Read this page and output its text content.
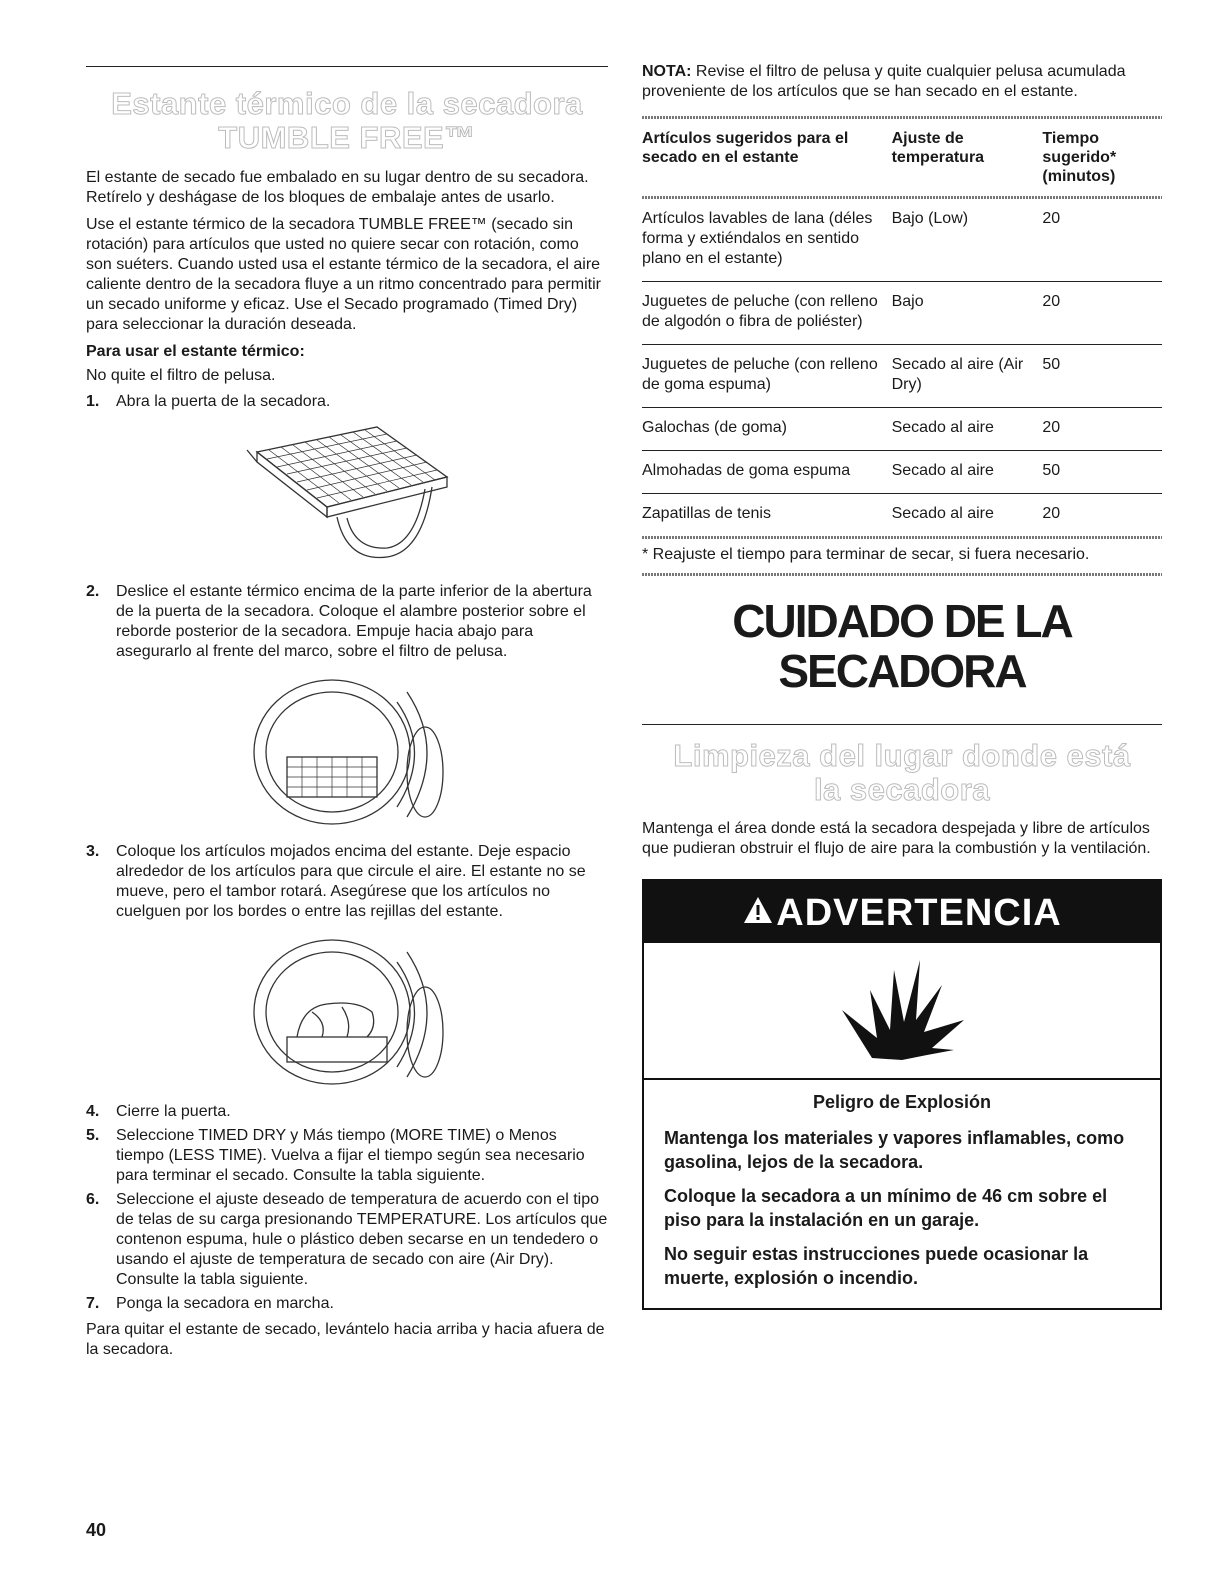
Estante térmico de la secadora
TUMBLE FREE™

El estante de secado fue embalado en su lugar dentro de su secadora. Retírelo y deshágase de los bloques de embalaje antes de usarlo.

Use el estante térmico de la secadora TUMBLE FREE™ (secado sin rotación) para artículos que usted no quiere secar con rotación, como son suéters. Cuando usted usa el estante térmico de la secadora, el aire caliente dentro de la secadora fluye a un ritmo concentrado para permitir un secado uniforme y eficaz. Use el Secado programado (Timed Dry) para seleccionar la duración deseada.

Para usar el estante térmico:

No quite el filtro de pelusa.

1. Abra la puerta de la secadora.
2. Deslice el estante térmico encima de la parte inferior de la abertura de la puerta de la secadora. Coloque el alambre posterior sobre el reborde posterior de la secadora. Empuje hacia abajo para asegurarlo al frente del marco, sobre el filtro de pelusa.
3. Coloque los artículos mojados encima del estante. Deje espacio alrededor de los artículos para que circule el aire. El estante no se mueve, pero el tambor rotará. Asegúrese que los artículos no cuelguen por los bordes o entre las rejillas del estante.
4. Cierre la puerta.
5. Seleccione TIMED DRY y Más tiempo (MORE TIME) o Menos tiempo (LESS TIME). Vuelva a fijar el tiempo según sea necesario para terminar el secado. Consulte la tabla siguiente.
6. Seleccione el ajuste deseado de temperatura de acuerdo con el tipo de telas de su carga presionando TEMPERATURE. Los artículos que contenon espuma, hule o plástico deben secarse en un tendedero o usando el ajuste de temperatura de secado con aire (Air Dry). Consulte la tabla siguiente.
7. Ponga la secadora en marcha.

Para quitar el estante de secado, levántelo hacia arriba y hacia afuera de la secadora.

40

NOTA: Revise el filtro de pelusa y quite cualquier pelusa acumulada proveniente de los artículos que se han secado en el estante.

Artículos sugeridos para el secado en el estante	Ajuste de temperatura	Tiempo sugerido* (minutos)

Artículos lavables de lana (déles forma y extiéndalos en sentido plano en el estante)	Bajo (Low)	20
Juguetes de peluche (con relleno de algodón o fibra de poliéster)	Bajo	20
Juguetes de peluche (con relleno de goma espuma)	Secado al aire (Air Dry)	50
Galochas (de goma)	Secado al aire	20
Almohadas de goma espuma	Secado al aire	50
Zapatillas de tenis	Secado al aire	20

* Reajuste el tiempo para terminar de secar, si fuera necesario.

CUIDADO DE LA
SECADORA
Limpieza del lugar donde está
la secadora

Mantenga el área donde está la secadora despejada y libre de artículos que pudieran obstruir el flujo de aire para la combustión y la ventilación.

ADVERTENCIA

Peligro de Explosión

Mantenga los materiales y vapores inflamables, como gasolina, lejos de la secadora.

Coloque la secadora a un mínimo de 46 cm sobre el piso para la instalación en un garaje.

No seguir estas instrucciones puede ocasionar la muerte, explosión o incendio.
